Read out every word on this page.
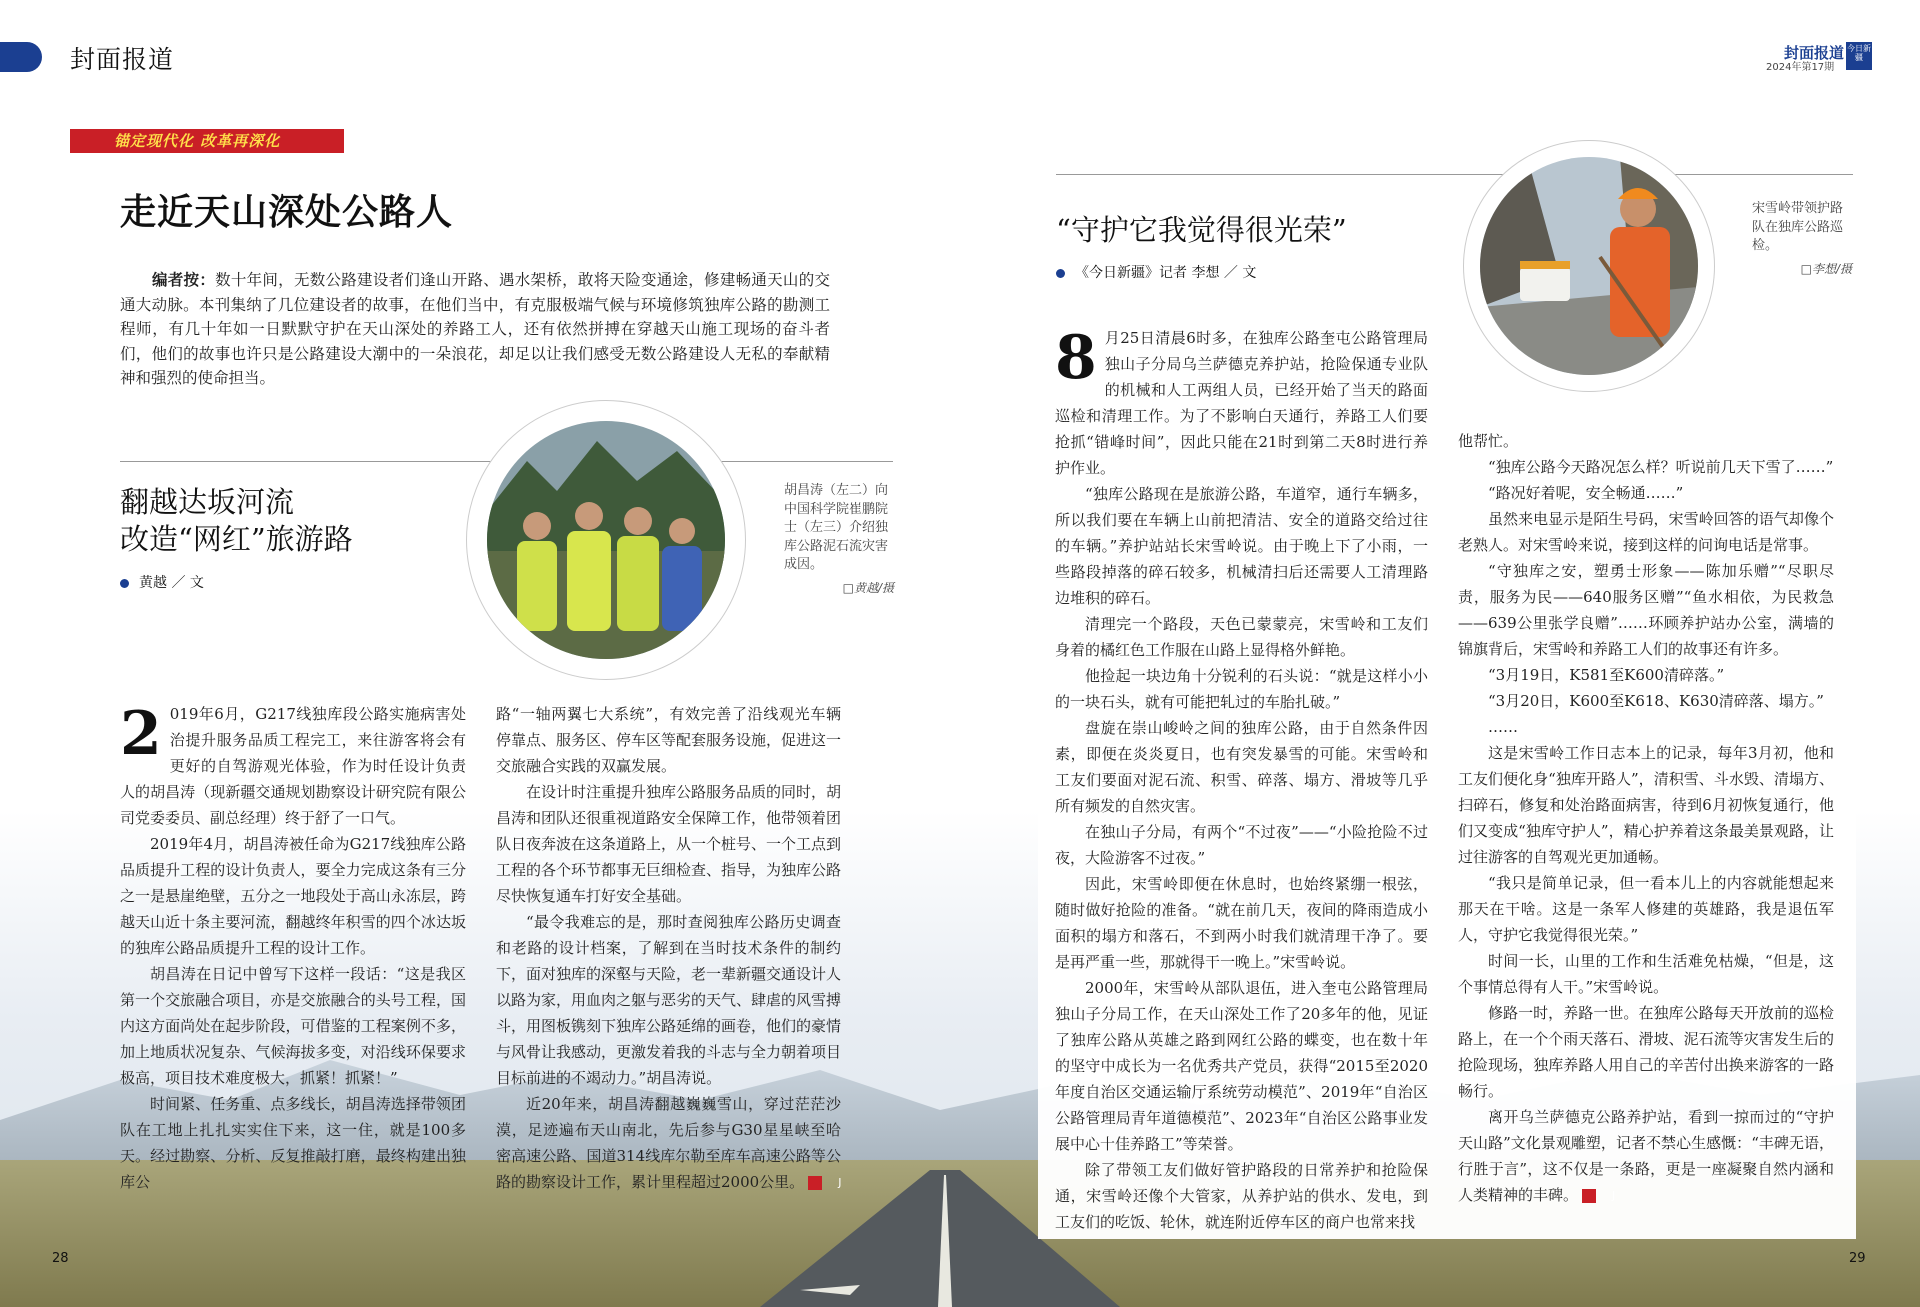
封面报道	封面报道
2024年第17期
今日新疆
锚定现代化 改革再深化
走近天山深处公路人
编者按：数十年间，无数公路建设者们逢山开路、遇水架桥，敢将天险变通途，修建畅通天山的交通大动脉。本刊集纳了几位建设者的故事，在他们当中，有克服极端气候与环境修筑独库公路的勘测工程师，有几十年如一日默默守护在天山深处的养路工人，还有依然拼搏在穿越天山施工现场的奋斗者们，他们的故事也许只是公路建设大潮中的一朵浪花，却足以让我们感受无数公路建设人无私的奉献精神和强烈的使命担当。
翻越达坂河流
改造“网红”旅游路
黄越 ／ 文
胡昌涛（左二）向中国科学院崔鹏院士（左三）介绍独库公路泥石流灾害成因。
□黄越/摄

2 019年6月，G217线独库段公路实施病害处治提升服务品质工程完工，来往游客将会有更好的自驾游观光体验，作为时任设计负责人的胡昌涛（现新疆交通规划勘察设计研究院有限公司党委委员、副总经理）终于舒了一口气。

2019年4月，胡昌涛被任命为G217线独库公路品质提升工程的设计负责人，要全力完成这条有三分之一是悬崖绝壁，五分之一地段处于高山永冻层，跨越天山近十条主要河流，翻越终年积雪的四个冰达坂的独库公路品质提升工程的设计工作。

胡昌涛在日记中曾写下这样一段话：“这是我区第一个交旅融合项目，亦是交旅融合的头号工程，国内这方面尚处在起步阶段，可借鉴的工程案例不多，加上地质状况复杂、气候海拔多变，对沿线环保要求极高，项目技术难度极大，抓紧！抓紧！”

时间紧、任务重、点多线长，胡昌涛选择带领团队在工地上扎扎实实住下来，这一住，就是100多天。经过勘察、分析、反复推敲打磨，最终构建出独库公

路“一轴两翼七大系统”，有效完善了沿线观光车辆停靠点、服务区、停车区等配套服务设施，促进这一交旅融合实践的双赢发展。

在设计时注重提升独库公路服务品质的同时，胡昌涛和团队还很重视道路安全保障工作，他带领着团队日夜奔波在这条道路上，从一个桩号、一个工点到工程的各个环节都事无巨细检查、指导，为独库公路尽快恢复通车打好安全基础。

“最令我难忘的是，那时查阅独库公路历史调查和老路的设计档案，了解到在当时技术条件的制约下，面对独库的深壑与天险，老一辈新疆交通设计人以路为家，用血肉之躯与恶劣的天气、肆虐的风雪搏斗，用图板镌刻下独库公路延绵的画卷，他们的豪情与风骨让我感动，更激发着我的斗志与全力朝着项目目标前进的不竭动力。”胡昌涛说。

近20年来，胡昌涛翻越巍巍雪山，穿过茫茫沙漠，足迹遍布天山南北，先后参与G30星星峡至哈密高速公路、国道314线库尔勒至库车高速公路等公路的勘察设计工作，累计里程超过2000公里。	J

“守护它我觉得很光荣”
《今日新疆》记者 李想 ／ 文
宋雪岭带领护路队在独库公路巡检。
□李想/摄

8 月25日清晨6时多，在独库公路奎屯公路管理局独山子分局乌兰萨德克养护站，抢险保通专业队的机械和人工两组人员，已经开始了当天的路面巡检和清理工作。为了不影响白天通行，养路工人们要抢抓“错峰时间”，因此只能在21时到第二天8时进行养护作业。

“独库公路现在是旅游公路，车道窄，通行车辆多，所以我们要在车辆上山前把清洁、安全的道路交给过往的车辆。”养护站站长宋雪岭说。由于晚上下了小雨，一些路段掉落的碎石较多，机械清扫后还需要人工清理路边堆积的碎石。

清理完一个路段，天色已蒙蒙亮，宋雪岭和工友们身着的橘红色工作服在山路上显得格外鲜艳。

他捡起一块边角十分锐利的石头说：“就是这样小小的一块石头，就有可能把轧过的车胎扎破。”

盘旋在崇山峻岭之间的独库公路，由于自然条件因素，即便在炎炎夏日，也有突发暴雪的可能。宋雪岭和工友们要面对泥石流、积雪、碎落、塌方、滑坡等几乎所有频发的自然灾害。

在独山子分局，有两个“不过夜”——“小险抢险不过夜，大险游客不过夜。”

因此，宋雪岭即便在休息时，也始终紧绷一根弦，随时做好抢险的准备。“就在前几天，夜间的降雨造成小面积的塌方和落石，不到两小时我们就清理干净了。要是再严重一些，那就得干一晚上。”宋雪岭说。

2000年，宋雪岭从部队退伍，进入奎屯公路管理局独山子分局工作，在天山深处工作了20多年的他，见证了独库公路从英雄之路到网红公路的蝶变，也在数十年的坚守中成长为一名优秀共产党员，获得“2015至2020年度自治区交通运输厅系统劳动模范”、2019年“自治区公路管理局青年道德模范”、2023年“自治区公路事业发展中心十佳养路工”等荣誉。

除了带领工友们做好管护路段的日常养护和抢险保通，宋雪岭还像个大管家，从养护站的供水、发电，到工友们的吃饭、轮休，就连附近停车区的商户也常来找

他帮忙。

“独库公路今天路况怎么样？听说前几天下雪了……”

“路况好着呢，安全畅通……”

虽然来电显示是陌生号码，宋雪岭回答的语气却像个老熟人。对宋雪岭来说，接到这样的问询电话是常事。

“守独库之安，塑勇士形象——陈加乐赠”“尽职尽责，服务为民——640服务区赠”“鱼水相依，为民救急——639公里张学良赠”……环顾养护站办公室，满墙的锦旗背后，宋雪岭和养路工人们的故事还有许多。

“3月19日，K581至K600清碎落。”

“3月20日，K600至K618、K630清碎落、塌方。”

……

这是宋雪岭工作日志本上的记录，每年3月初，他和工友们便化身“独库开路人”，清积雪、斗水毁、清塌方、扫碎石，修复和处治路面病害，待到6月初恢复通行，他们又变成“独库守护人”，精心护养着这条最美景观路，让过往游客的自驾观光更加通畅。

“我只是简单记录，但一看本儿上的内容就能想起来那天在干啥。这是一条军人修建的英雄路，我是退伍军人，守护它我觉得很光荣。”

时间一长，山里的工作和生活难免枯燥，“但是，这个事情总得有人干。”宋雪岭说。

修路一时，养路一世。在独库公路每天开放前的巡检路上，在一个个雨天落石、滑坡、泥石流等灾害发生后的抢险现场，独库养路人用自己的辛苦付出换来游客的一路畅行。

离开乌兰萨德克公路养护站，看到一掠而过的“守护天山路”文化景观雕塑，记者不禁心生感慨：“丰碑无语，行胜于言”，这不仅是一条路，更是一座凝聚自然内涵和人类精神的丰碑。	J

28	29
